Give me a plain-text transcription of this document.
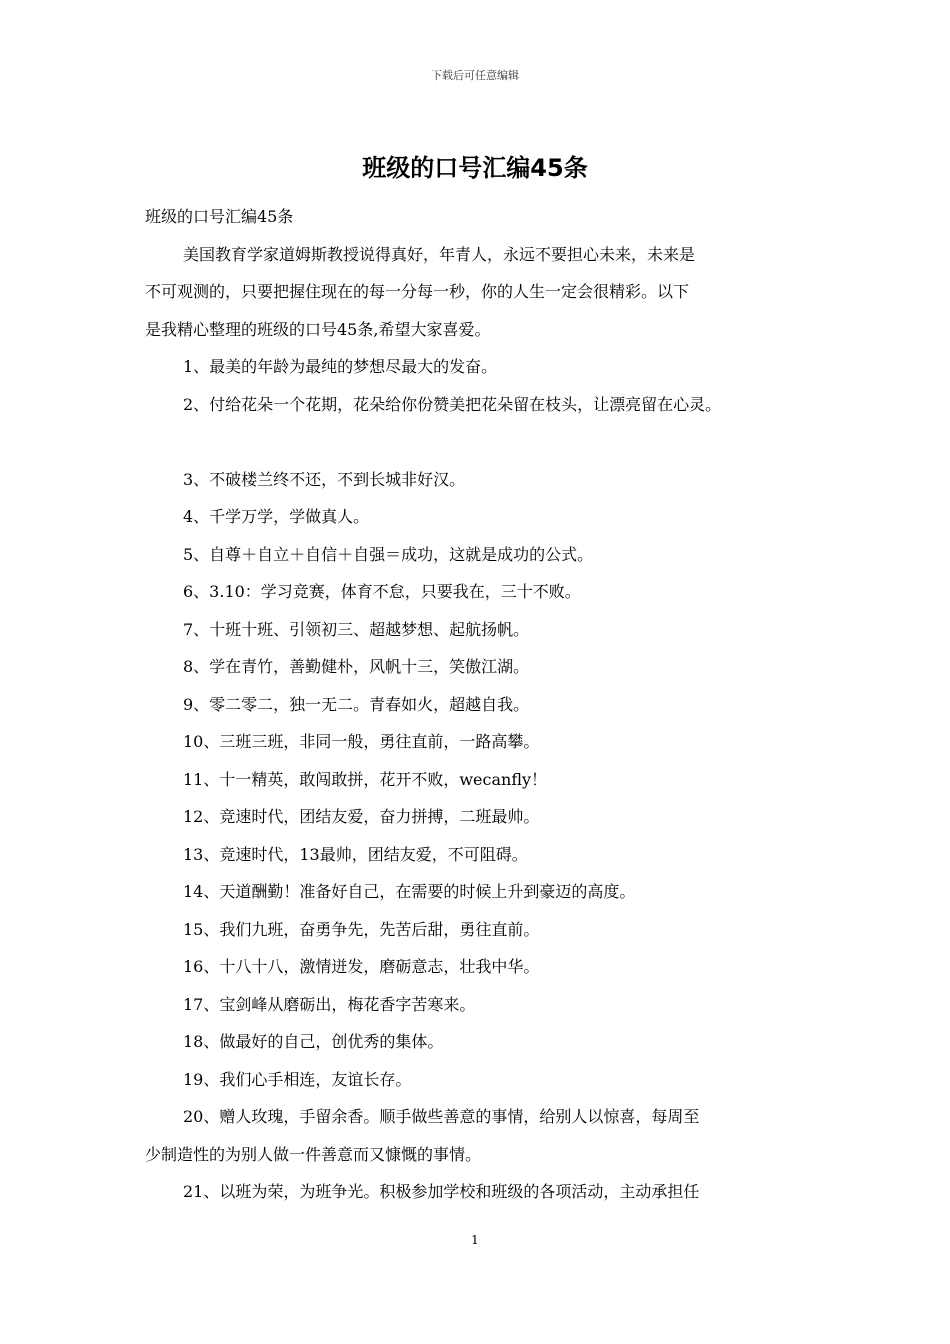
下载后可任意编辑
班级的口号汇编45条
班级的口号汇编45条
美国教育学家道姆斯教授说得真好，年青人，永远不要担心未来，未来是
不可观测的，只要把握住现在的每一分每一秒，你的人生一定会很精彩。以下
是我精心整理的班级的口号45条,希望大家喜爱。
1、最美的年龄为最纯的梦想尽最大的发奋。
2、付给花朵一个花期，花朵给你份赞美把花朵留在枝头，让漂亮留在心灵。
3、不破楼兰终不还，不到长城非好汉。
4、千学万学，学做真人。
5、自尊＋自立＋自信＋自强＝成功，这就是成功的公式。
6、3.10：学习竞赛，体育不怠，只要我在，三十不败。
7、十班十班、引领初三、超越梦想、起航扬帆。
8、学在青竹，善勤健朴，风帆十三，笑傲江湖。
9、零二零二，独一无二。青春如火，超越自我。
10、三班三班，非同一般，勇往直前，一路高攀。
11、十一精英，敢闯敢拼，花开不败，wecanfly！
12、竞速时代，团结友爱，奋力拼搏，二班最帅。
13、竞速时代，13最帅，团结友爱，不可阻碍。
14、天道酬勤！准备好自己，在需要的时候上升到豪迈的高度。
15、我们九班，奋勇争先，先苦后甜，勇往直前。
16、十八十八，激情迸发，磨砺意志，壮我中华。
17、宝剑峰从磨砺出，梅花香字苦寒来。
18、做最好的自己，创优秀的集体。
19、我们心手相连，友谊长存。
20、赠人玫瑰，手留余香。顺手做些善意的事情，给别人以惊喜，每周至
少制造性的为别人做一件善意而又慷慨的事情。
21、以班为荣，为班争光。积极参加学校和班级的各项活动，主动承担任
1
